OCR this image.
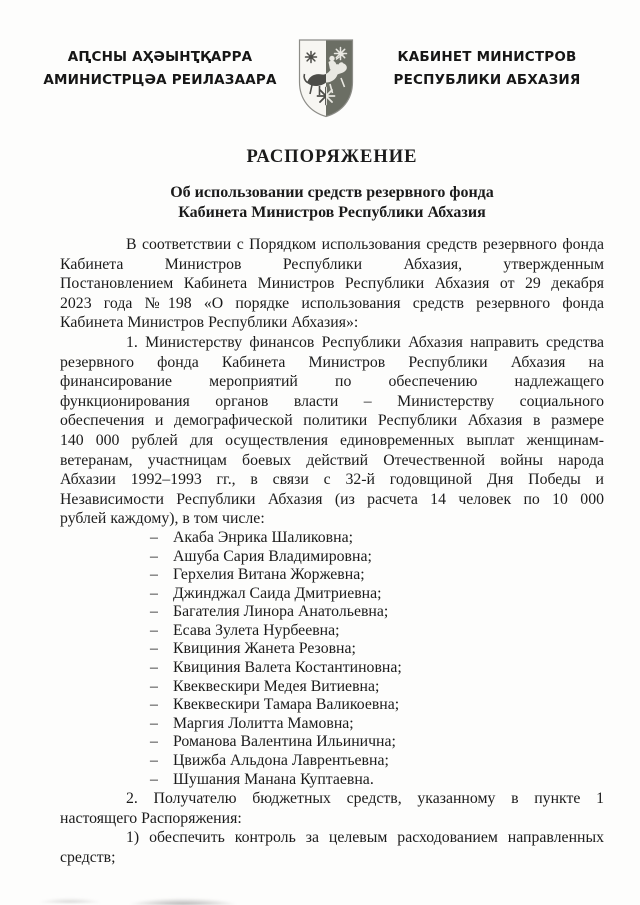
АԤСНЫ АҲӘЫНҬҚАРРА
АМИНИСТРЦӘА РЕИЛАЗААРА
КАБИНЕТ МИНИСТРОВ
РЕСПУБЛИКИ АБХАЗИЯ
РАСПОРЯЖЕНИЕ
Об использовании средств резервного фонда
Кабинета Министров Республики Абхазия
В соответствии с Порядком использования средств резервного фонда
Кабинета Министров Республики Абхазия, утвержденным
Постановлением Кабинета Министров Республики Абхазия от 29 декабря
2023 года №198 «О порядке использования средств резервного фонда
Кабинета Министров Республики Абхазия»:
1. Министерству финансов Республики Абхазия направить средства
резервного фонда Кабинета Министров Республики Абхазия на
финансирование мероприятий по обеспечению надлежащего
функционирования органов власти – Министерству социального
обеспечения и демографической политики Республики Абхазия в размере
140 000 рублей для осуществления единовременных выплат женщинам-
ветеранам, участницам боевых действий Отечественной войны народа
Абхазии 1992–1993 гг., в связи с 32-й годовщиной Дня Победы и
Независимости Республики Абхазия (из расчета 14 человек по 10 000
рублей каждому), в том числе:
– Акаба Энрика Шаликовна;
– Ашуба Сария Владимировна;
– Герхелия Витана Жоржевна;
– Джинджал Саида Дмитриевна;
– Багателия Линора Анатольевна;
– Есава Зулета Нурбеевна;
– Квициния Жанета Резовна;
– Квициния Валета Костантиновна;
– Квеквескири Медея Витиевна;
– Квеквескири Тамара Валикоевна;
– Маргия Лолитта Мамовна;
– Романова Валентина Ильинична;
– Цвижба Альдона Лаврентьевна;
– Шушания Манана Куптаевна.
2. Получателю бюджетных средств, указанному в пункте 1
настоящего Распоряжения:
1) обеспечить контроль за целевым расходованием направленных
средств;
